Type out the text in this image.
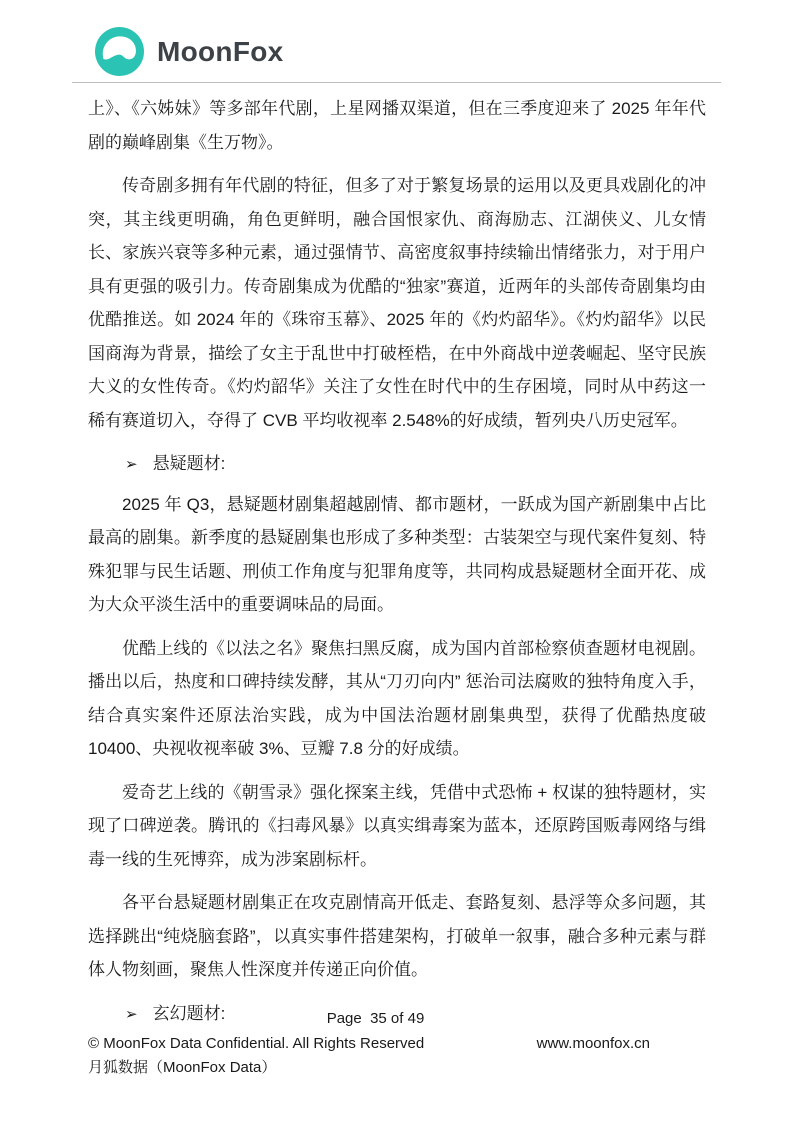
MoonFox

上》、《六姊妹》等多部年代剧，上星网播双渠道，但在三季度迎来了 2025 年年代剧的巅峰剧集《生万物》。

传奇剧多拥有年代剧的特征，但多了对于繁复场景的运用以及更具戏剧化的冲突，其主线更明确，角色更鲜明，融合国恨家仇、商海励志、江湖侠义、儿女情长、家族兴衰等多种元素，通过强情节、高密度叙事持续输出情绪张力，对于用户具有更强的吸引力。传奇剧集成为优酷的“独家”赛道，近两年的头部传奇剧集均由优酷推送。如 2024 年的《珠帘玉幕》、2025 年的《灼灼韶华》。《灼灼韶华》以民国商海为背景，描绘了女主于乱世中打破桎梏，在中外商战中逆袭崛起、坚守民族大义的女性传奇。《灼灼韶华》关注了女性在时代中的生存困境，同时从中药这一稀有赛道切入，夺得了 CVB 平均收视率 2.548%的好成绩，暂列央八历史冠军。

➢ 悬疑题材:

2025 年 Q3，悬疑题材剧集超越剧情、都市题材，一跃成为国产新剧集中占比最高的剧集。新季度的悬疑剧集也形成了多种类型：古装架空与现代案件复刻、特殊犯罪与民生话题、刑侦工作角度与犯罪角度等，共同构成悬疑题材全面开花、成为大众平淡生活中的重要调味品的局面。

优酷上线的《以法之名》聚焦扫黑反腐，成为国内首部检察侦查题材电视剧。播出以后，热度和口碑持续发酵，其从“刀刃向内” 惩治司法腐败的独特角度入手，结合真实案件还原法治实践，成为中国法治题材剧集典型，获得了优酷热度破 10400、央视收视率破 3%、豆瓣 7.8 分的好成绩。

爱奇艺上线的《朝雪录》强化探案主线，凭借中式恐怖 + 权谋的独特题材，实现了口碑逆袭。腾讯的《扫毒风暴》以真实缉毒案为蓝本，还原跨国贩毒网络与缉毒一线的生死博弈，成为涉案剧标杆。

各平台悬疑题材剧集正在攻克剧情高开低走、套路复刻、悬浮等众多问题，其选择跳出“纯烧脑套路”，以真实事件搭建架构，打破单一叙事，融合多种元素与群体人物刻画，聚焦人性深度并传递正向价值。

➢ 玄幻题材:	Page  35 of 49
© MoonFox Data Confidential. All Rights Reserved	www.moonfox.cn
月狐数据（MoonFox Data）
